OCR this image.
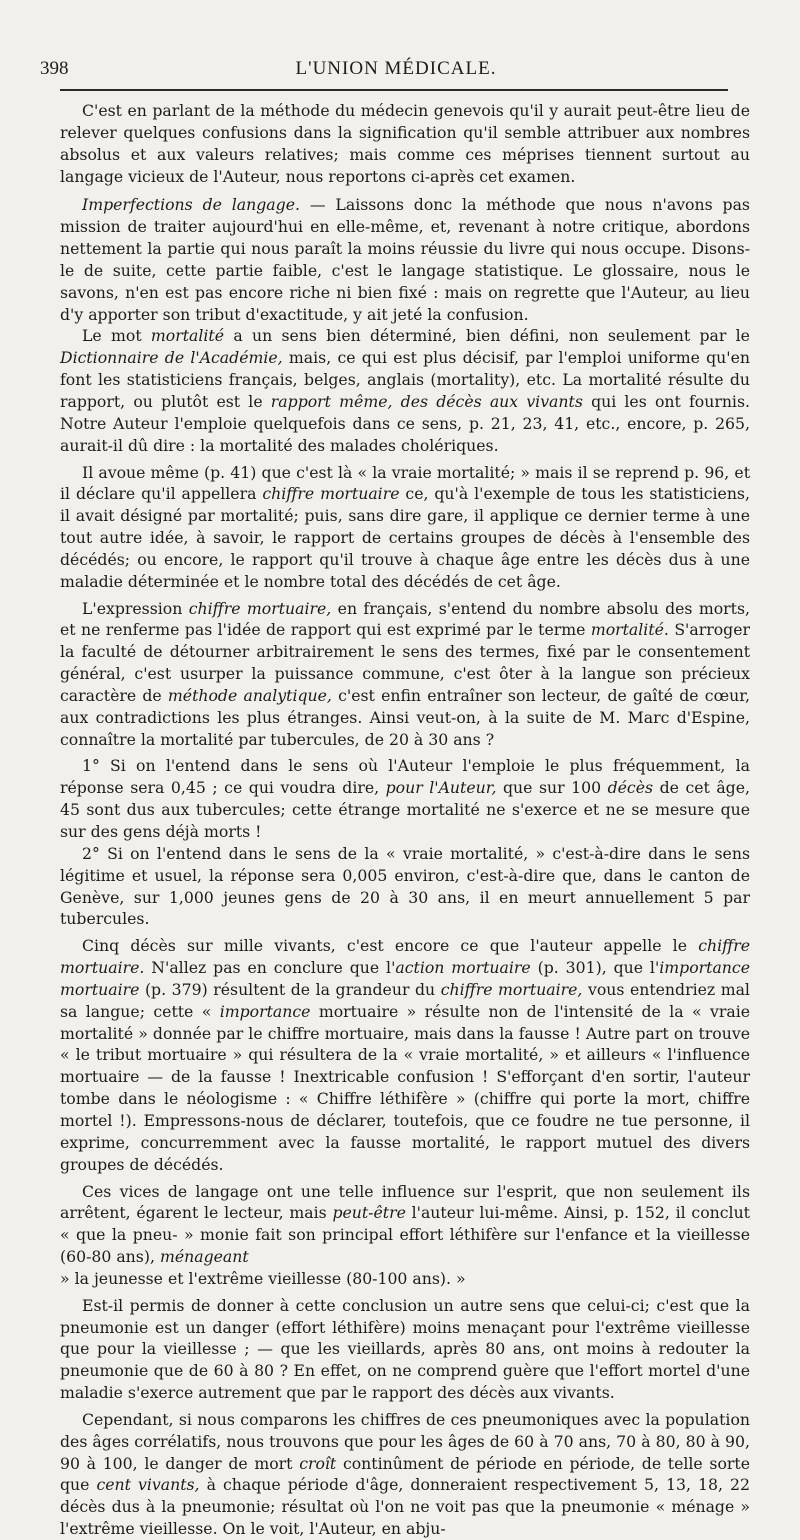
398	L'UNION MÉDICALE.

C'est en parlant de la méthode du médecin genevois qu'il y aurait peut-être lieu de relever quelques confusions dans la signification qu'il semble attribuer aux nombres absolus et aux valeurs relatives; mais comme ces méprises tiennent surtout au langage vicieux de l'Auteur, nous reportons ci-après cet examen.

Imperfections de langage. — Laissons donc la méthode que nous n'avons pas mission de traiter aujourd'hui en elle-même, et, revenant à notre critique, abordons nettement la partie qui nous paraît la moins réussie du livre qui nous occupe. Disons-le de suite, cette partie faible, c'est le langage statistique. Le glossaire, nous le savons, n'en est pas encore riche ni bien fixé : mais on regrette que l'Auteur, au lieu d'y apporter son tribut d'exactitude, y ait jeté la confusion.

Le mot mortalité a un sens bien déterminé, bien défini, non seulement par le Dictionnaire de l'Académie, mais, ce qui est plus décisif, par l'emploi uniforme qu'en font les statisticiens français, belges, anglais (mortality), etc. La mortalité résulte du rapport, ou plutôt est le rapport même, des décès aux vivants qui les ont fournis. Notre Auteur l'emploie quelquefois dans ce sens, p. 21, 23, 41, etc., encore, p. 265, aurait-il dû dire : la mortalité des malades cholériques.

Il avoue même (p. 41) que c'est là « la vraie mortalité; » mais il se reprend p. 96, et il déclare qu'il appellera chiffre mortuaire ce, qu'à l'exemple de tous les statisticiens, il avait désigné par mortalité; puis, sans dire gare, il applique ce dernier terme à une tout autre idée, à savoir, le rapport de certains groupes de décès à l'ensemble des décédés; ou encore, le rapport qu'il trouve à chaque âge entre les décès dus à une maladie déterminée et le nombre total des décédés de cet âge.

L'expression chiffre mortuaire, en français, s'entend du nombre absolu des morts, et ne renferme pas l'idée de rapport qui est exprimé par le terme mortalité. S'arroger la faculté de détourner arbitrairement le sens des termes, fixé par le consentement général, c'est usurper la puissance commune, c'est ôter à la langue son précieux caractère de méthode analytique, c'est enfin entraîner son lecteur, de gaîté de cœur, aux contradictions les plus étranges. Ainsi veut-on, à la suite de M. Marc d'Espine, connaître la mortalité par tubercules, de 20 à 30 ans ?

1° Si on l'entend dans le sens où l'Auteur l'emploie le plus fréquemment, la réponse sera 0,45 ; ce qui voudra dire, pour l'Auteur, que sur 100 décès de cet âge, 45 sont dus aux tubercules; cette étrange mortalité ne s'exerce et ne se mesure que sur des gens déjà morts !

2° Si on l'entend dans le sens de la « vraie mortalité, » c'est-à-dire dans le sens légitime et usuel, la réponse sera 0,005 environ, c'est-à-dire que, dans le canton de Genève, sur 1,000 jeunes gens de 20 à 30 ans, il en meurt annuellement 5 par tubercules.

Cinq décès sur mille vivants, c'est encore ce que l'auteur appelle le chiffre mortuaire. N'allez pas en conclure que l'action mortuaire (p. 301), que l'importance mortuaire (p. 379) résultent de la grandeur du chiffre mortuaire, vous entendriez mal sa langue; cette « importance mortuaire » résulte non de l'intensité de la « vraie mortalité » donnée par le chiffre mortuaire, mais dans la fausse ! Autre part on trouve « le tribut mortuaire » qui résultera de la « vraie mortalité, » et ailleurs « l'influence mortuaire — de la fausse ! Inextricable confusion ! S'efforçant d'en sortir, l'auteur tombe dans le néologisme : « Chiffre léthifère » (chiffre qui porte la mort, chiffre mortel !). Empressons-nous de déclarer, toutefois, que ce foudre ne tue personne, il exprime, concurremment avec la fausse mortalité, le rapport mutuel des divers groupes de décédés.

Ces vices de langage ont une telle influence sur l'esprit, que non seulement ils arrêtent, égarent le lecteur, mais peut-être l'auteur lui-même. Ainsi, p. 152, il conclut « que la pneu- » monie fait son principal effort léthifère sur l'enfance et la vieillesse (60-80 ans), ménageant
» la jeunesse et l'extrême vieillesse (80-100 ans). »

Est-il permis de donner à cette conclusion un autre sens que celui-ci; c'est que la pneumonie est un danger (effort léthifère) moins menaçant pour l'extrême vieillesse que pour la vieillesse ; — que les vieillards, après 80 ans, ont moins à redouter la pneumonie que de 60 à 80 ? En effet, on ne comprend guère que l'effort mortel d'une maladie s'exerce autrement que par le rapport des décès aux vivants.

Cependant, si nous comparons les chiffres de ces pneumoniques avec la population des âges corrélatifs, nous trouvons que pour les âges de 60 à 70 ans, 70 à 80, 80 à 90, 90 à 100, le danger de mort croît continûment de période en période, de telle sorte que cent vivants, à chaque période d'âge, donneraient respectivement 5, 13, 18, 22 décès dus à la pneumonie; résultat où l'on ne voit pas que la pneumonie « ménage » l'extrême vieillesse. On le voit, l'Auteur, en abju-
